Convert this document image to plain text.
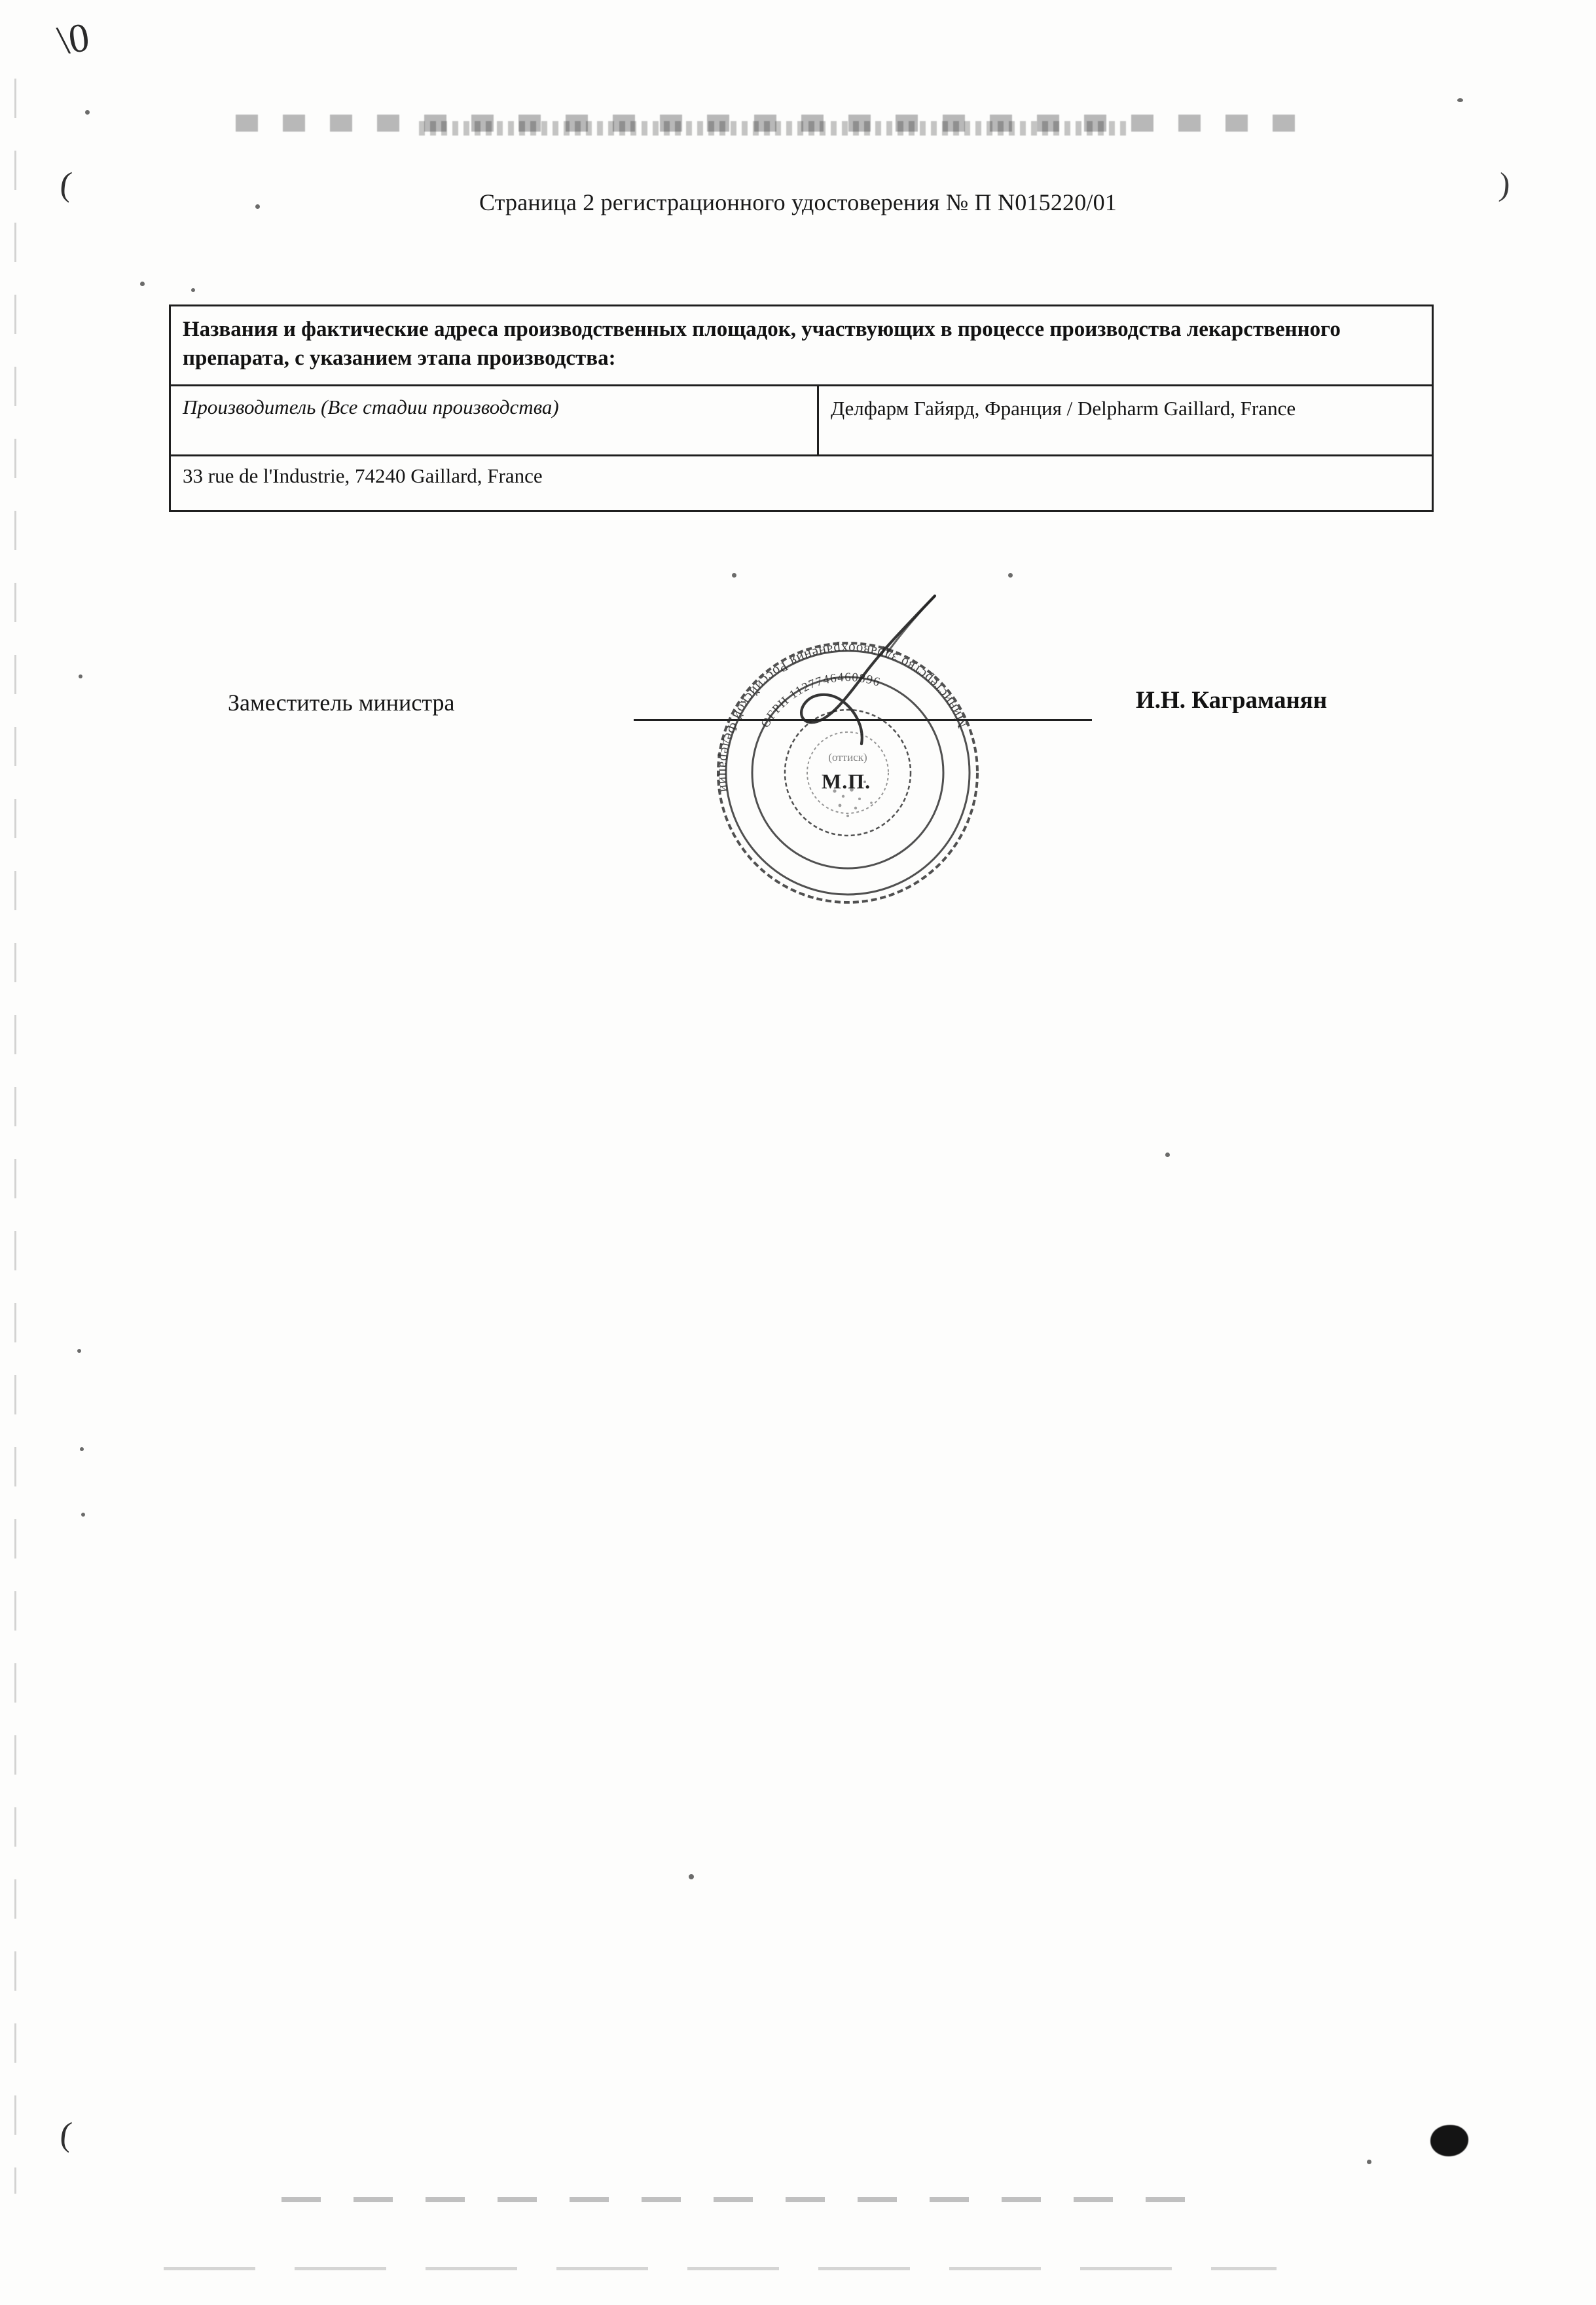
\0
(
(
)
Страница 2 регистрационного удостоверения № П N015220/01
Названия и фактические адреса производственных площадок, участвующих в процессе производства лекарственного препарата, с указанием этапа производства:
Производитель (Все стадии производства)	Делфарм Гайярд, Франция / Delpharm Gaillard, France
33 rue de l'Industrie, 74240 Gaillard, France
Заместитель министра	И.Н. Каграманян
Министерство здравоохранения Российской Федерации
ОГРН 1127746460896
(оттиск)
М.П.
